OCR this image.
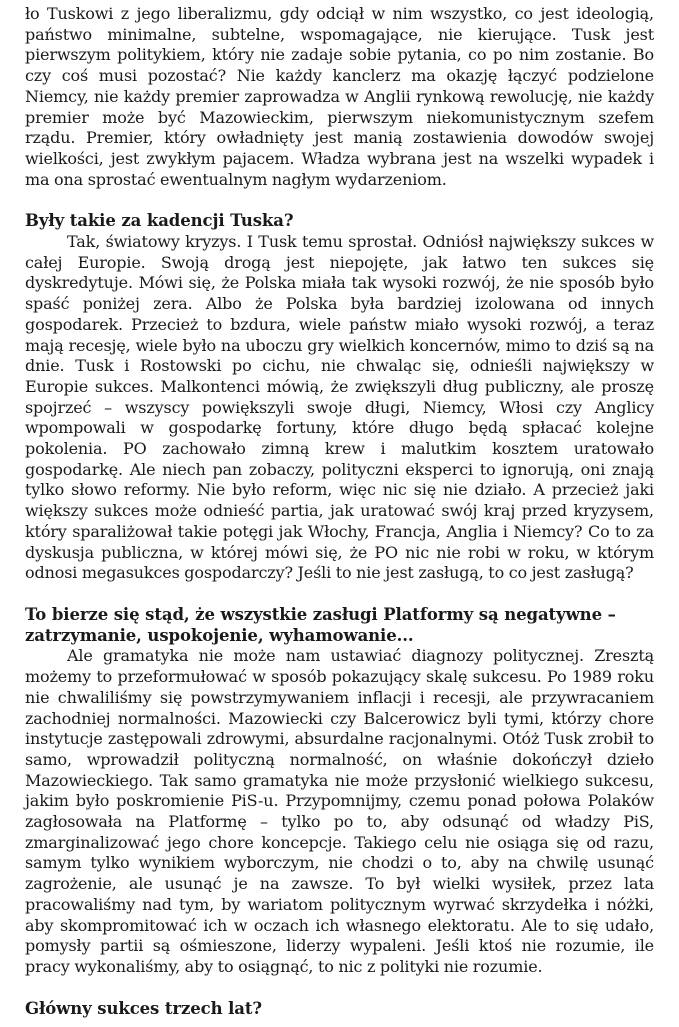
ło Tuskowi z jego liberalizmu, gdy odciął w nim wszystko, co jest ideologią, państwo minimalne, subtelne, wspomagające, nie kierujące. Tusk jest pierwszym politykiem, który nie zadaje sobie pytania, co po nim zostanie. Bo czy coś musi pozostać? Nie każdy kanclerz ma okazję łączyć podzielone Niemcy, nie każdy premier zaprowadza w Anglii rynkową rewolucję, nie każdy premier może być Mazowieckim, pierwszym niekomunistycznym szefem rządu. Premier, który owładnięty jest manią zostawienia dowodów swojej wielkości, jest zwykłym pajacem. Władza wybrana jest na wszelki wypadek i ma ona sprostać ewentualnym nagłym wydarzeniom.

Były takie za kadencji Tuska?

Tak, światowy kryzys. I Tusk temu sprostał. Odniósł największy sukces w całej Europie. Swoją drogą jest niepojęte, jak łatwo ten sukces się dyskredytuje. Mówi się, że Polska miała tak wysoki rozwój, że nie sposób było spaść poniżej zera. Albo że Polska była bardziej izolowana od innych gospodarek. Przecież to bzdura, wiele państw miało wysoki rozwój, a teraz mają recesję, wiele było na uboczu gry wielkich koncernów, mimo to dziś są na dnie. Tusk i Rostowski po cichu, nie chwaląc się, odnieśli największy w Europie sukces. Malkontenci mówią, że zwiększyli dług publiczny, ale proszę spojrzeć – wszyscy powiększyli swoje długi, Niemcy, Włosi czy Anglicy wpompowali w gospodarkę fortuny, które długo będą spłacać kolejne pokolenia. PO zachowało zimną krew i malutkim kosztem uratowało gospodarkę. Ale niech pan zobaczy, polityczni eksperci to ignorują, oni znają tylko słowo reformy. Nie było reform, więc nic się nie działo. A przecież jaki większy sukces może odnieść partia, jak uratować swój kraj przed kryzysem, który sparaliżował takie potęgi jak Włochy, Francja, Anglia i Niemcy? Co to za dyskusja publiczna, w której mówi się, że PO nic nie robi w roku, w którym odnosi megasukces gospodarczy? Jeśli to nie jest zasługą, to co jest zasługą?

To bierze się stąd, że wszystkie zasługi Platformy są negatywne –
zatrzymanie, uspokojenie, wyhamowanie...

Ale gramatyka nie może nam ustawiać diagnozy politycznej. Zresztą możemy to przeformułować w sposób pokazujący skalę sukcesu. Po 1989 roku nie chwaliliśmy się powstrzymywaniem inflacji i recesji, ale przywracaniem zachodniej normalności. Mazowiecki czy Balcerowicz byli tymi, którzy chore instytucje zastępowali zdrowymi, absurdalne racjonalnymi. Otóż Tusk zrobił to samo, wprowadził polityczną normalność, on właśnie dokończył dzieło Mazowieckiego. Tak samo gramatyka nie może przysłonić wielkiego sukcesu, jakim było poskromienie PiS-u. Przypomnijmy, czemu ponad połowa Polaków zagłosowała na Platformę – tylko po to, aby odsunąć od władzy PiS, zmarginalizować jego chore koncepcje. Takiego celu nie osiąga się od razu, samym tylko wynikiem wyborczym, nie chodzi o to, aby na chwilę usunąć zagrożenie, ale usunąć je na zawsze. To był wielki wysiłek, przez lata pracowaliśmy nad tym, by wariatom politycznym wyrwać skrzydełka i nóżki, aby skompromitować ich w oczach ich własnego elektoratu. Ale to się udało, pomysły partii są ośmieszone, liderzy wypaleni. Jeśli ktoś nie rozumie, ile pracy wykonaliśmy, aby to osiągnąć, to nic z polityki nie rozumie.

Główny sukces trzech lat?
